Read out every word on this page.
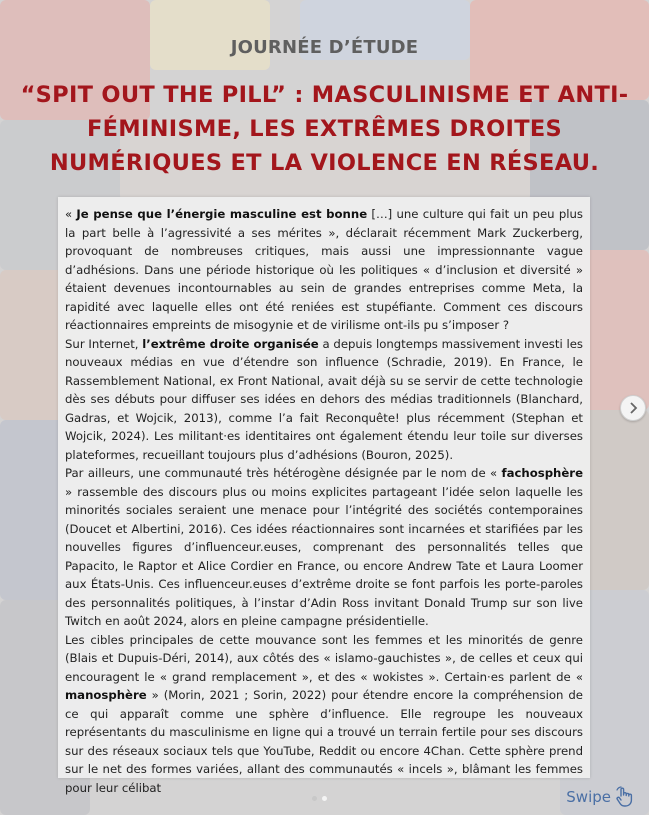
JOURNÉE D’ÉTUDE
“SPIT OUT THE PILL” : MASCULINISME ET ANTI-FÉMINISME, LES EXTRÊMES DROITES NUMÉRIQUES ET LA VIOLENCE EN RÉSEAU.

« Je pense que l’énergie masculine est bonne […] une culture qui fait un peu plus la part belle à l’agressivité a ses mérites », déclarait récemment Mark Zuckerberg, provoquant de nombreuses critiques, mais aussi une impressionnante vague d’adhésions. Dans une période historique où les politiques « d’inclusion et diversité » étaient devenues incontournables au sein de grandes entreprises comme Meta, la rapidité avec laquelle elles ont été reniées est stupéfiante. Comment ces discours réactionnaires empreints de misogynie et de virilisme ont-ils pu s’imposer ?

Sur Internet, l’extrême droite organisée a depuis longtemps massivement investi les nouveaux médias en vue d’étendre son influence (Schradie, 2019). En France, le Rassemblement National, ex Front National, avait déjà su se servir de cette technologie dès ses débuts pour diffuser ses idées en dehors des médias traditionnels (Blanchard, Gadras, et Wojcik, 2013), comme l’a fait Reconquête! plus récemment (Stephan et Wojcik, 2024). Les militant·es identitaires ont également étendu leur toile sur diverses plateformes, recueillant toujours plus d’adhésions (Bouron, 2025).

Par ailleurs, une communauté très hétérogène désignée par le nom de « fachosphère » rassemble des discours plus ou moins explicites partageant l’idée selon laquelle les minorités sociales seraient une menace pour l’intégrité des sociétés contemporaines (Doucet et Albertini, 2016). Ces idées réactionnaires sont incarnées et starifiées par les nouvelles figures d’influenceur.euses, comprenant des personnalités telles que Papacito, le Raptor et Alice Cordier en France, ou encore Andrew Tate et Laura Loomer aux États-Unis. Ces influenceur.euses d’extrême droite se font parfois les porte-paroles des personnalités politiques, à l’instar d’Adin Ross invitant Donald Trump sur son live Twitch en août 2024, alors en pleine campagne présidentielle.

Les cibles principales de cette mouvance sont les femmes et les minorités de genre (Blais et Dupuis-Déri, 2014), aux côtés des « islamo-gauchistes », de celles et ceux qui encouragent le « grand remplacement », et des « wokistes ». Certain·es parlent de « manosphère » (Morin, 2021 ; Sorin, 2022) pour étendre encore la compréhension de ce qui apparaît comme une sphère d’influence. Elle regroupe les nouveaux représentants du masculinisme en ligne qui a trouvé un terrain fertile pour ses discours sur des réseaux sociaux tels que YouTube, Reddit ou encore 4Chan. Cette sphère prend sur le net des formes variées, allant des communautés « incels », blâmant les femmes pour leur célibat

Swipe
